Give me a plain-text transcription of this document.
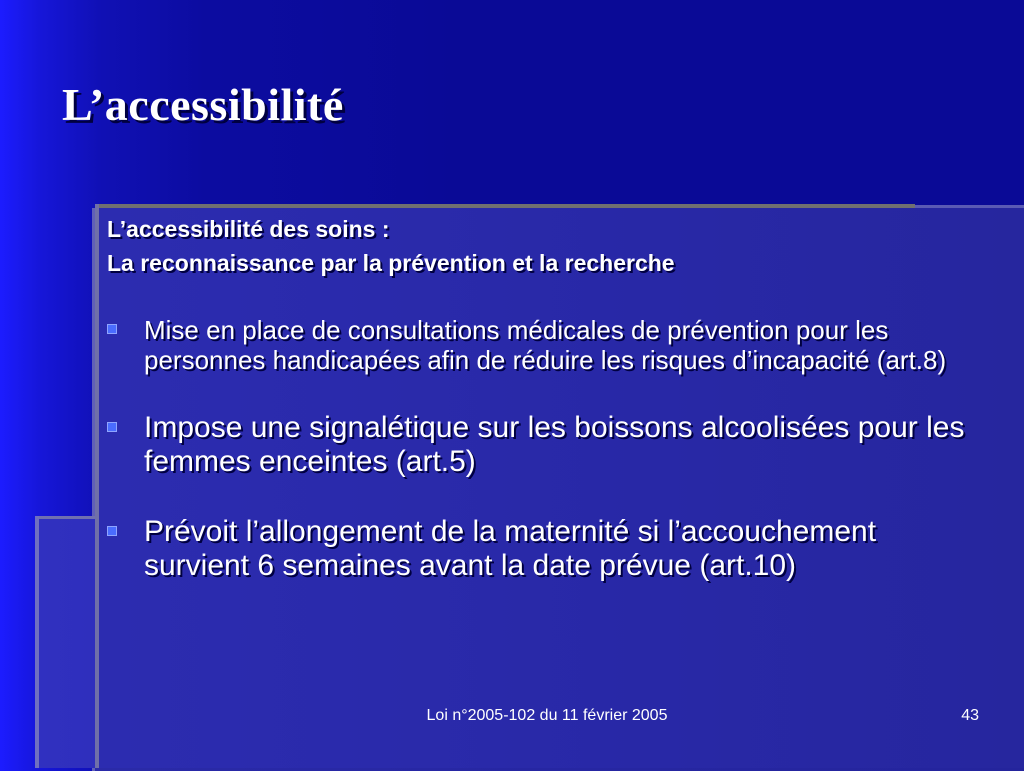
L’accessibilité

L’accessibilité des soins :

La reconnaissance par la prévention et la recherche

Mise en place de consultations médicales de prévention pour les personnes handicapées afin de réduire les risques d’incapacité (art.8)
Impose une signalétique sur les boissons alcoolisées pour les femmes enceintes (art.5)
Prévoit l’allongement de la maternité si l’accouchement survient 6 semaines avant la date prévue (art.10)
Loi n°2005-102 du 11 février 2005	43
